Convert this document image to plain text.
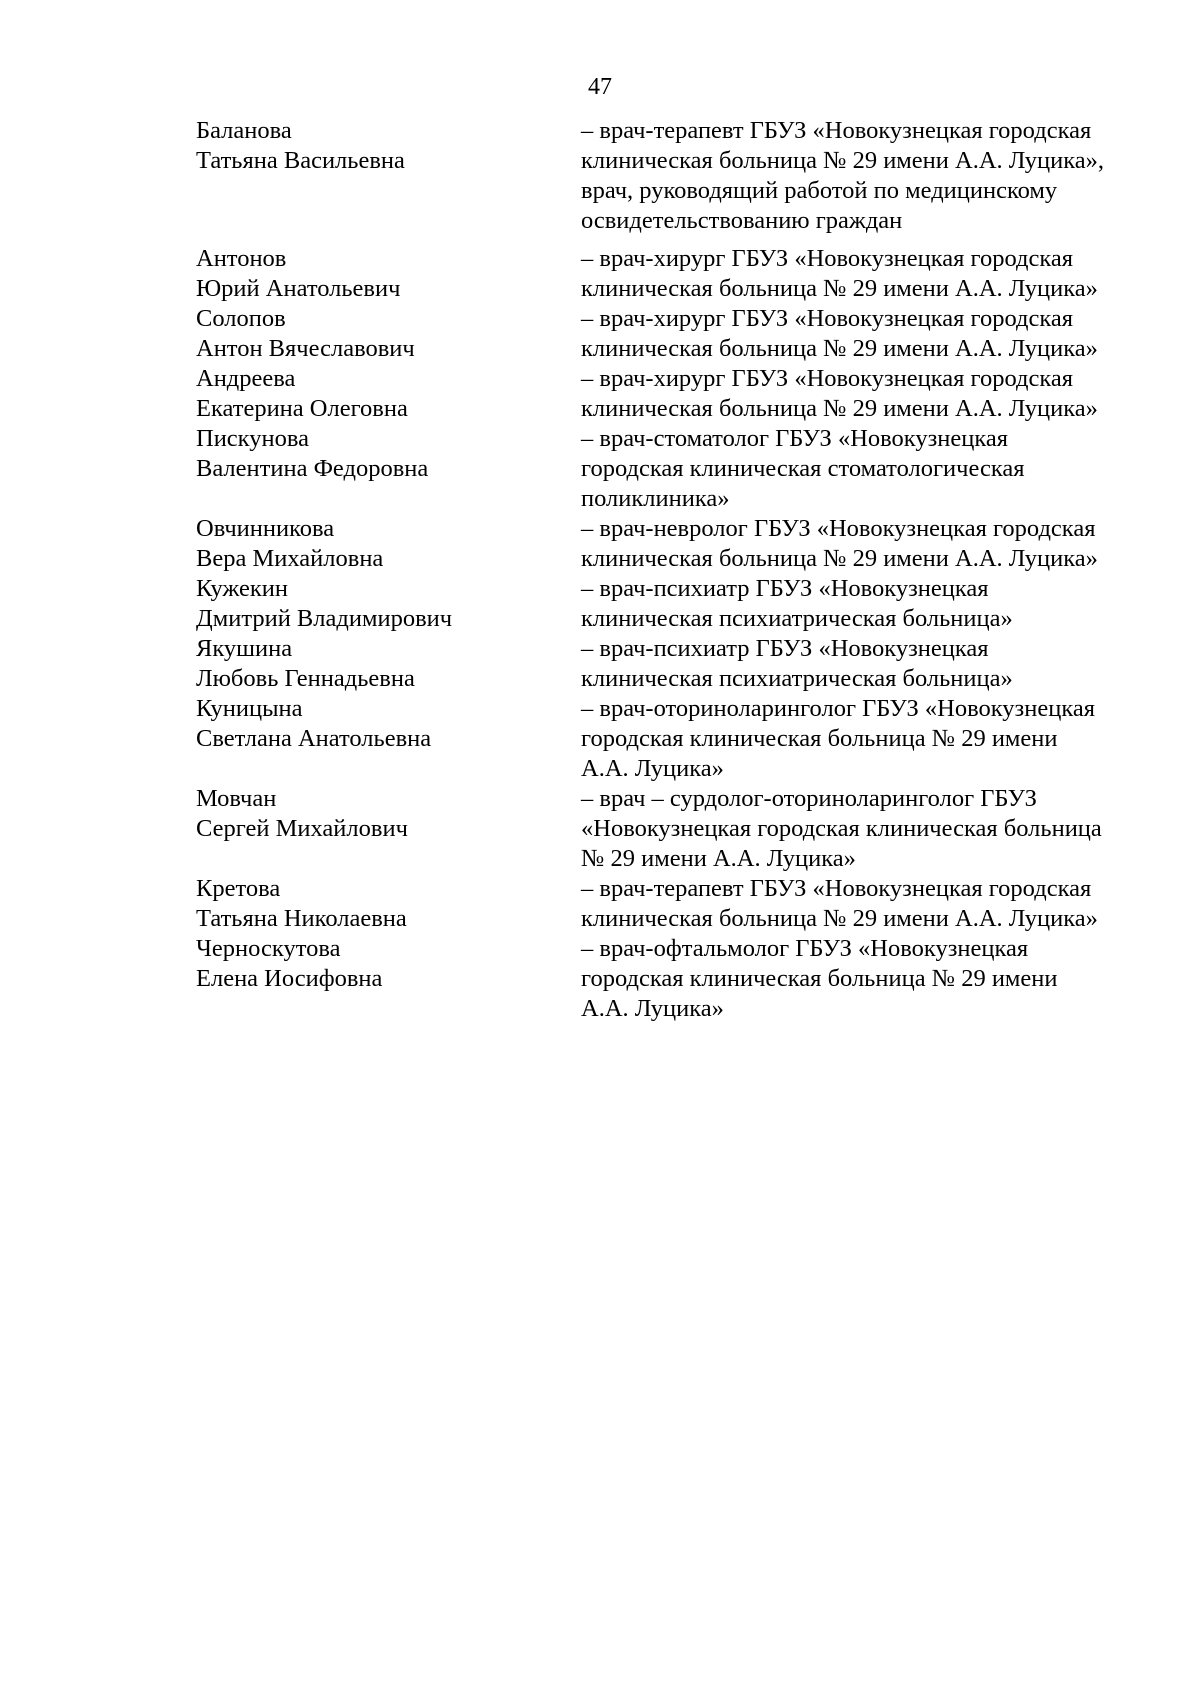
47
Баланова
Татьяна Васильевна
– врач-терапевт ГБУЗ «Новокузнецкая городская клиническая больница № 29 имени А.А. Луцика», врач, руководящий работой по медицинскому освидетельствованию граждан
Антонов
Юрий Анатольевич
– врач-хирург ГБУЗ «Новокузнецкая городская клиническая больница № 29 имени А.А. Луцика»
Солопов
Антон Вячеславович
– врач-хирург ГБУЗ «Новокузнецкая городская клиническая больница № 29 имени А.А. Луцика»
Андреева
Екатерина Олеговна
– врач-хирург ГБУЗ «Новокузнецкая городская клиническая больница № 29 имени А.А. Луцика»
Пискунова
Валентина Федоровна
– врач-стоматолог ГБУЗ «Новокузнецкая городская клиническая стоматологическая поликлиника»
Овчинникова
Вера Михайловна
– врач-невролог ГБУЗ «Новокузнецкая городская клиническая больница № 29 имени А.А. Луцика»
Кужекин
Дмитрий Владимирович
– врач-психиатр ГБУЗ «Новокузнецкая клиническая психиатрическая больница»
Якушина
Любовь Геннадьевна
– врач-психиатр ГБУЗ «Новокузнецкая клиническая психиатрическая больница»
Куницына
Светлана Анатольевна
– врач-оториноларинголог ГБУЗ «Новокузнецкая городская клиническая больница № 29 имени А.А. Луцика»
Мовчан
Сергей Михайлович
– врач – сурдолог-оториноларинголог ГБУЗ «Новокузнецкая городская клиническая больница № 29 имени А.А. Луцика»
Кретова
Татьяна Николаевна
– врач-терапевт ГБУЗ «Новокузнецкая городская клиническая больница № 29 имени А.А. Луцика»
Черноскутова
Елена Иосифовна
– врач-офтальмолог ГБУЗ «Новокузнецкая городская клиническая больница № 29 имени А.А. Луцика»
